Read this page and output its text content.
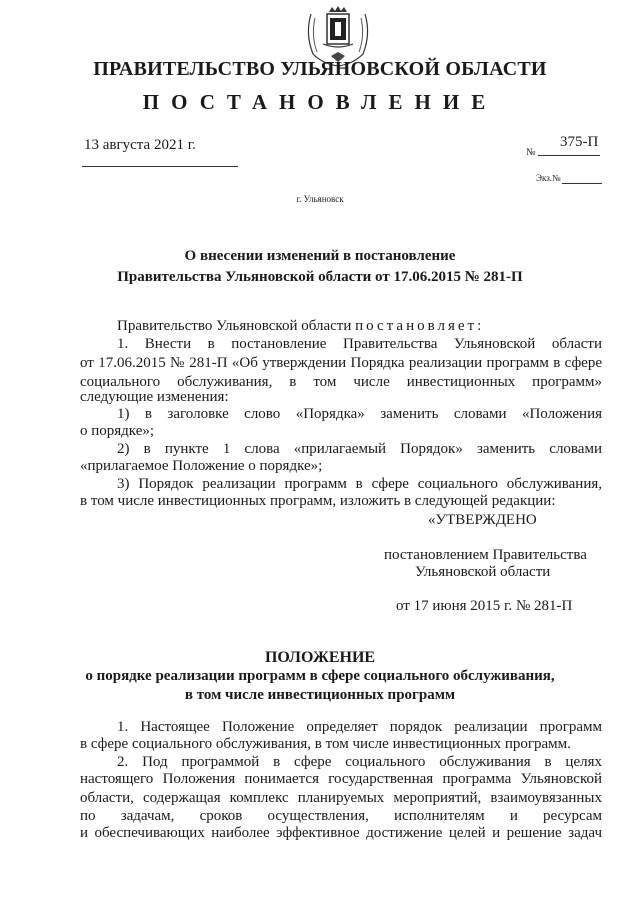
ПРАВИТЕЛЬСТВО УЛЬЯНОВСКОЙ ОБЛАСТИ
ПОСТАНОВЛЕНИЕ
13 августа 2021 г.	№
375-П
Экз.№
г. Ульяновск
О внесении изменений в постановление
Правительства Ульяновской области от 17.06.2015 № 281-П
Правительство Ульяновской области постановляет:
1. Внести в постановление Правительства Ульяновской области
от 17.06.2015 № 281-П «Об утверждении Порядка реализации программ в сфере
социального обслуживания, в том числе инвестиционных программ»
следующие изменения:
1) в заголовке слово «Порядка» заменить словами «Положения
о порядке»;
2) в пункте 1 слова «прилагаемый Порядок» заменить словами
«прилагаемое Положение о порядке»;
3) Порядок реализации программ в сфере социального обслуживания,
в том числе инвестиционных программ, изложить в следующей редакции:
«УТВЕРЖДЕНО
постановлением Правительства
Ульяновской области
от 17 июня 2015 г. № 281-П
ПОЛОЖЕНИЕ
о порядке реализации программ в сфере социального обслуживания,
в том числе инвестиционных программ
1. Настоящее Положение определяет порядок реализации программ
в сфере социального обслуживания, в том числе инвестиционных программ.
2. Под программой в сфере социального обслуживания в целях
настоящего Положения понимается государственная программа Ульяновской
области, содержащая комплекс планируемых мероприятий, взаимоувязанных
по задачам, сроков осуществления, исполнителям и ресурсам
и обеспечивающих наиболее эффективное достижение целей и решение задач
